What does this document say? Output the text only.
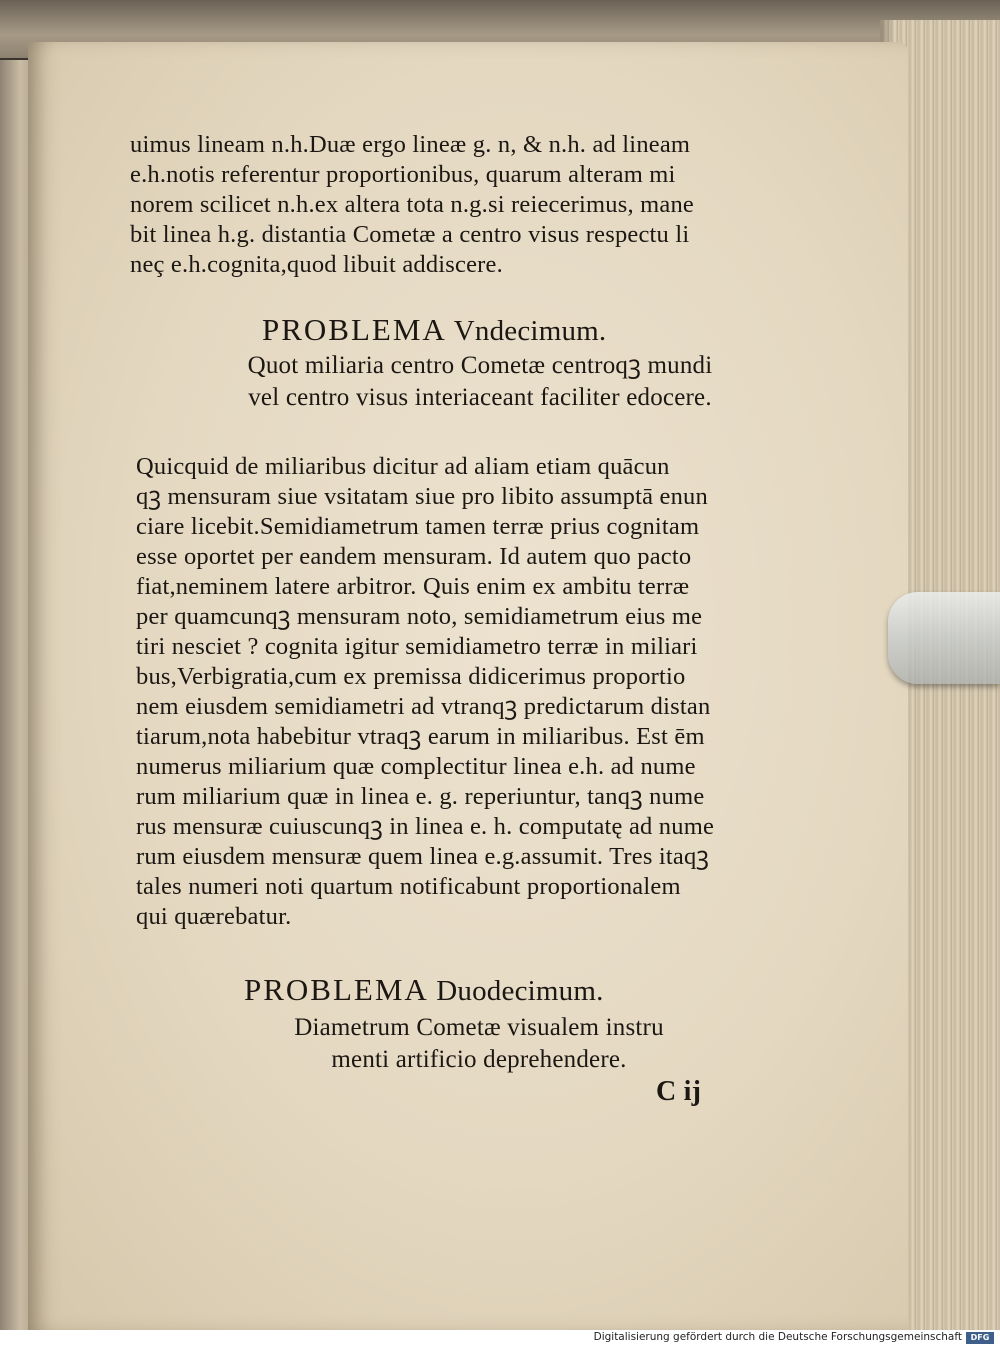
uimus lineam n.h.Duæ ergo lineæ g. n, & n.h. ad lineam
e.h.notis referentur proportionibus, quarum alteram mi
norem scilicet n.h.ex altera tota n.g.si reiecerimus, mane
bit linea h.g. distantia Cometæ a centro visus respectu li
neç e.h.cognita,quod libuit addiscere.
PROBLEMA Vndecimum.
Quot miliaria centro Cometæ centroqꝫ mundi
vel centro visus interiaceant faciliter edocere.
Quicquid de miliaribus dicitur ad aliam etiam quācun
qꝫ mensuram siue vsitatam siue pro libito assumptā enun
ciare licebit.Semidiametrum tamen terræ prius cognitam
esse oportet per eandem mensuram. Id autem quo pacto
fiat,neminem latere arbitror. Quis enim ex ambitu terræ
per quamcunqꝫ mensuram noto, semidiametrum eius me
tiri nesciet ? cognita igitur semidiametro terræ in miliari
bus,Verbigratia,cum ex premissa didicerimus proportio
nem eiusdem semidiametri ad vtranqꝫ predictarum distan
tiarum,nota habebitur vtraqꝫ earum in miliaribus. Est ēm
numerus miliarium quæ complectitur linea e.h. ad nume
rum miliarium quæ in linea e. g. reperiuntur, tanqꝫ nume
rus mensuræ cuiuscunqꝫ in linea e. h. computatę ad nume
rum eiusdem mensuræ quem linea e.g.assumit. Tres itaqꝫ
tales numeri noti quartum notificabunt proportionalem
qui quærebatur.
PROBLEMA Duodecimum.
Diametrum Cometæ visualem instru
menti artificio deprehendere.
C ij
Digitalisierung gefördert durch die Deutsche Forschungsgemeinschaft	DFG
